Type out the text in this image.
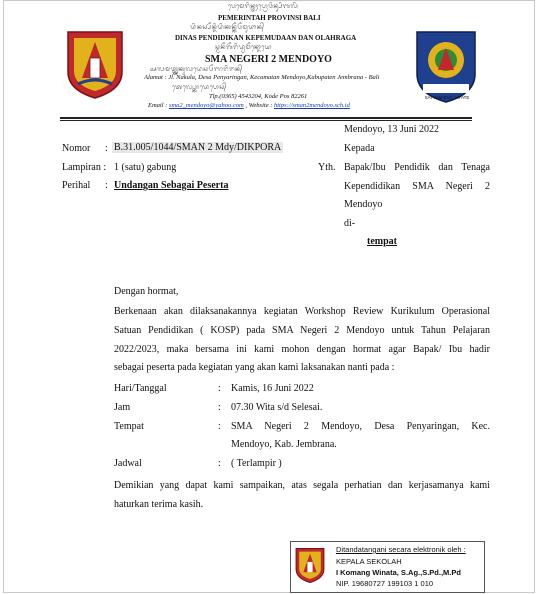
SATYAM EVA JAYATE
ᬧᬾᬫᬾᬭᬶᬦ᭄ᬢᬄᬧ᭄ᬭᭀᬯᬶᬦ᭄ᬲᬶᬩᬮᬶ
PEMERINTAH PROVINSI BALI
ᬤᬶᬦᬲ᭄ᬧᭂᬦ᭄ᬤᬶᬤᬶᬓᬦ᭄ᬓᭂᬧᭂᬫᬸᬤᬵᬦ᭄
DINAS PENDIDIKAN KEPEMUDAAN DAN OLAHRAGA
ᬲ᭄ᬫᬦᭂᬕᭂᬭᬶᬤ᭄ᬯᬫᭂᬦ᭄ᬤᭀᬬᭀ
SMA NEGERI 2 MENDOYO
ᬅᬮᬫᬢ᭄ᬚ᭄ᬮ᭄ᬦᬓᬸᬮᬤᬾᬲᬧᭂᬜᬭᬶᬗᬦ᭄
Alamat : Jl. Nakula, Desa Penyaringan, Kecamatan Mendoyo,Kabupaten Jembrana - Bali
ᬢᬾᬮ᭄ᬧ᭄ᬓᭀᬤᬾᬧᭀᬲ᭄
Tlp.(0365) 4543204, Kode Pos 82261
Email : sma2_mendoyo@yahoo.com , Website : https://sman2mendoyo.sch.id
Mendoyo, 13 Juni 2022
Kepada
Yth. Bapak/Ibu Pendidik dan Tenaga
Kependidikan SMA Negeri 2
Mendoyo
di-
tempat
Nomor : B.31.005/1044/SMAN 2 Mdy/DIKPORA
Lampiran : 1 (satu) gabung
Perihal : Undangan Sebagai Peserta
Dengan hormat,
Berkenaan akan dilaksanakannya kegiatan Workshop Review Kurikulum Operasional
Satuan Pendidikan ( KOSP) pada SMA Negeri 2 Mendoyo untuk Tahun Pelajaran
2022/2023, maka bersama ini kami mohon dengan hormat agar Bapak/ Ibu hadir
sebagai peserta pada kegiatan yang akan kami laksanakan nanti pada :
Hari/Tanggal	: Kamis, 16 Juni 2022
Jam	: 07.30 Wita s/d Selesai.
Tempat	: SMA Negeri 2 Mendoyo, Desa Penyaringan, Kec.
Mendoyo, Kab. Jembrana.
Jadwal	: ( Terlampir )
Demikian yang dapat kami sampaikan, atas segala perhatian dan kerjasamanya kami
haturkan terima kasih.
Ditandatangani secara elektronik oleh :
KEPALA SEKOLAH
I Komang Winata, S.Ag.,S.Pd.,M.Pd
NIP. 19680727 199103 1 010
